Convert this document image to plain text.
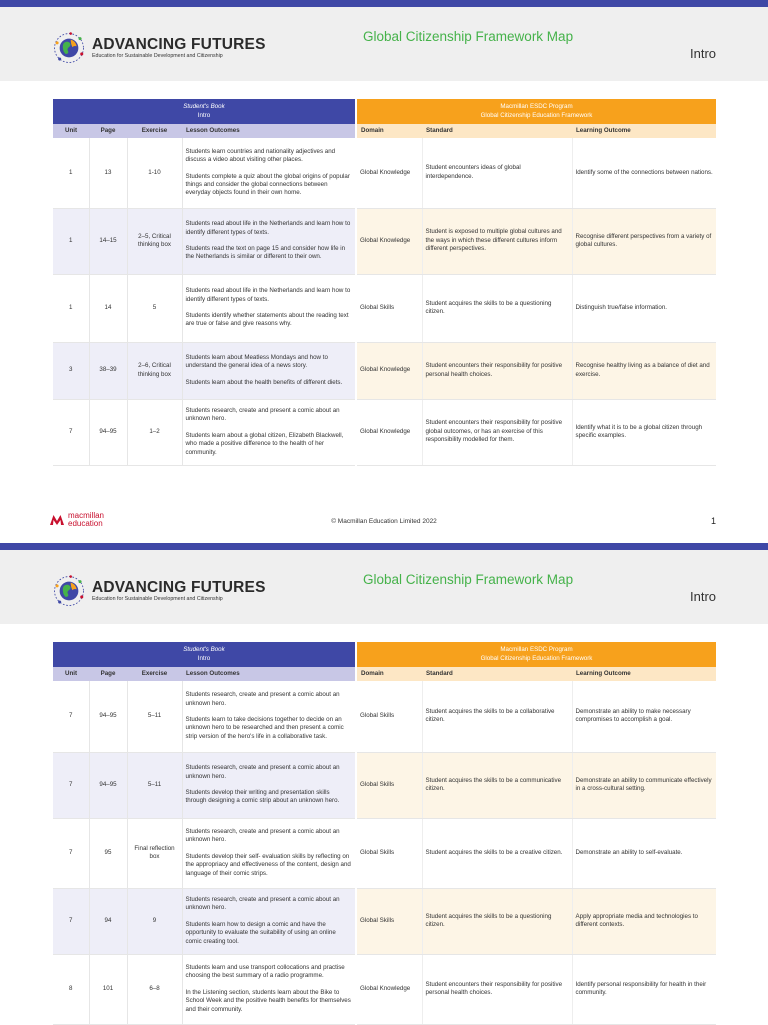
ADVANCING FUTURES
Education for Sustainable Development and Citizenship
Global Citizenship Framework Map
Intro
Student's Book
Intro				Macmillan ESDC Program
Global Citizenship Education Framework		
Unit	Page	Exercise	Lesson Outcomes	Domain	Standard	Learning Outcome
1	13	1-10	Students learn countries and nationality adjectives and discuss a video about visiting other places.

Students complete a quiz about the global origins of popular things and consider the global connections between everyday objects found in their own home.	Global Knowledge	Student encounters ideas of global interdependence.	Identify some of the connections between nations.
1	14–15	2–5, Critical thinking box	Students read about life in the Netherlands and learn how to identify different types of texts.

Students read the text on page 15 and consider how life in the Netherlands is similar or different to their own.	Global Knowledge	Student is exposed to multiple global cultures and the ways in which these different cultures inform different perspectives.	Recognise different perspectives from a variety of global cultures.
1	14	5	Students read about life in the Netherlands and learn how to identify different types of texts.

Students identify whether statements about the reading text are true or false and give reasons why.	Global Skills	Student acquires the skills to be a questioning citizen.	Distinguish true/false information.
3	38–39	2–6, Critical thinking box	Students learn about Meatless Mondays and how to understand the general idea of a news story.

Students learn about the health benefits of different diets.	Global Knowledge	Student encounters their responsibility for positive personal health choices.	Recognise healthy living as a balance of diet and exercise.
7	94–95	1–2	Students research, create and present a comic about an unknown hero.

Students learn about a global citizen, Elizabeth Blackwell, who made a positive difference to the health of her community.	Global Knowledge	Student encounters their responsibility for positive global outcomes, or has an exercise of this responsibility modelled for them.	Identify what it is to be a global citizen through specific examples.
macmillan
education	© Macmillan Education Limited 2022	1
ADVANCING FUTURES
Education for Sustainable Development and Citizenship
Global Citizenship Framework Map
Intro
Student's Book
Intro				Macmillan ESDC Program
Global Citizenship Education Framework		
Unit	Page	Exercise	Lesson Outcomes	Domain	Standard	Learning Outcome
7	94–95	5–11	Students research, create and present a comic about an unknown hero.

Students learn to take decisions together to decide on an unknown hero to be researched and then present a comic strip version of the hero's life in a collaborative task.	Global Skills	Student acquires the skills to be a collaborative citizen.	Demonstrate an ability to make necessary compromises to accomplish a goal.
7	94–95	5–11	Students research, create and present a comic about an unknown hero.

Students develop their writing and presentation skills through designing a comic strip about an unknown hero.	Global Skills	Student acquires the skills to be a communicative citizen.	Demonstrate an ability to communicate effectively in a cross-cultural setting.
7	95	Final reflection box	Students research, create and present a comic about an unknown hero.

Students develop their self- evaluation skills by reflecting on the appropriacy and effectiveness of the content, design and language of their comic strips.	Global Skills	Student acquires the skills to be a creative citizen.	Demonstrate an ability to self-evaluate.
7	94	9	Students research, create and present a comic about an unknown hero.

Students learn how to design a comic and have the opportunity to evaluate the suitability of using an online comic creating tool.	Global Skills	Student acquires the skills to be a questioning citizen.	Apply appropriate media and technologies to different contexts.
8	101	6–8	Students learn and use transport collocations and practise choosing the best summary of a radio programme.

In the Listening section, students learn about the Bike to School Week and the positive health benefits for themselves and their community.	Global Knowledge	Student encounters their responsibility for positive personal health choices.	Identify personal responsibility for health in their community.
